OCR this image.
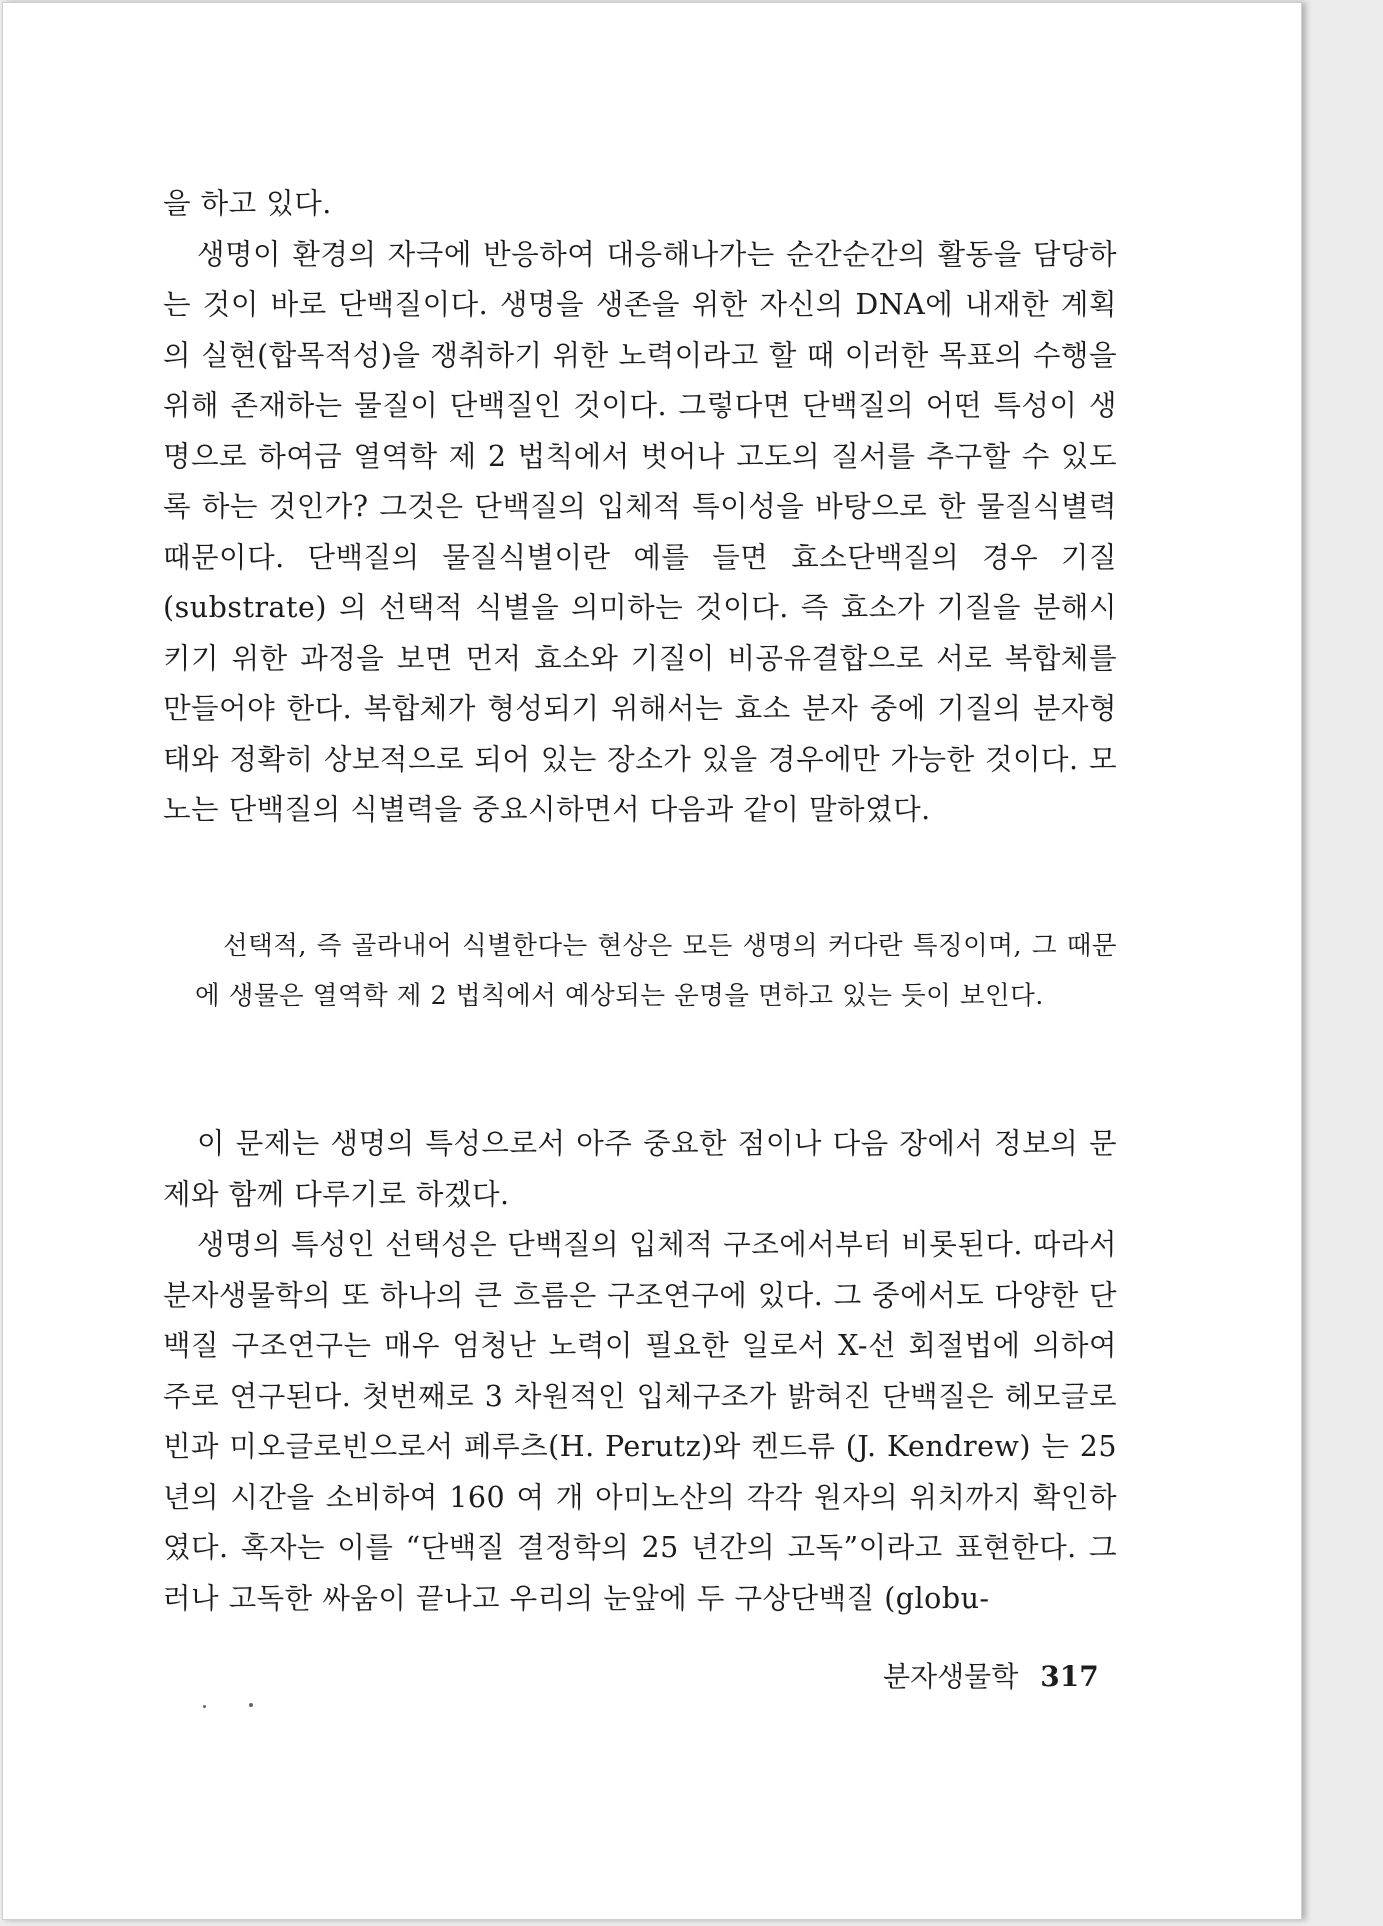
을 하고 있다.

생명이 환경의 자극에 반응하여 대응해나가는 순간순간의 활동을 담당하는 것이 바로 단백질이다. 생명을 생존을 위한 자신의 DNA에 내재한 계획의 실현(합목적성)을 쟁취하기 위한 노력이라고 할 때 이러한 목표의 수행을 위해 존재하는 물질이 단백질인 것이다. 그렇다면 단백질의 어떤 특성이 생명으로 하여금 열역학 제 2 법칙에서 벗어나 고도의 질서를 추구할 수 있도록 하는 것인가? 그것은 단백질의 입체적 특이성을 바탕으로 한 물질식별력 때문이다. 단백질의 물질식별이란 예를 들면 효소단백질의 경우 기질 (substrate) 의 선택적 식별을 의미하는 것이다. 즉 효소가 기질을 분해시키기 위한 과정을 보면 먼저 효소와 기질이 비공유결합으로 서로 복합체를 만들어야 한다. 복합체가 형성되기 위해서는 효소 분자 중에 기질의 분자형태와 정확히 상보적으로 되어 있는 장소가 있을 경우에만 가능한 것이다. 모노는 단백질의 식별력을 중요시하면서 다음과 같이 말하였다.

선택적, 즉 골라내어 식별한다는 현상은 모든 생명의 커다란 특징이며, 그 때문에 생물은 열역학 제 2 법칙에서 예상되는 운명을 면하고 있는 듯이 보인다.

이 문제는 생명의 특성으로서 아주 중요한 점이나 다음 장에서 정보의 문제와 함께 다루기로 하겠다.

생명의 특성인 선택성은 단백질의 입체적 구조에서부터 비롯된다. 따라서 분자생물학의 또 하나의 큰 흐름은 구조연구에 있다. 그 중에서도 다양한 단백질 구조연구는 매우 엄청난 노력이 필요한 일로서 X-선 회절법에 의하여 주로 연구된다. 첫번째로 3 차원적인 입체구조가 밝혀진 단백질은 헤모글로빈과 미오글로빈으로서 페루츠(H. Perutz)와 켄드류 (J. Kendrew) 는 25 년의 시간을 소비하여 160 여 개 아미노산의 각각 원자의 위치까지 확인하였다. 혹자는 이를 “단백질 결정학의 25 년간의 고독”이라고 표현한다. 그러나 고독한 싸움이 끝나고 우리의 눈앞에 두 구상단백질 (globu-

분자생물학 317
